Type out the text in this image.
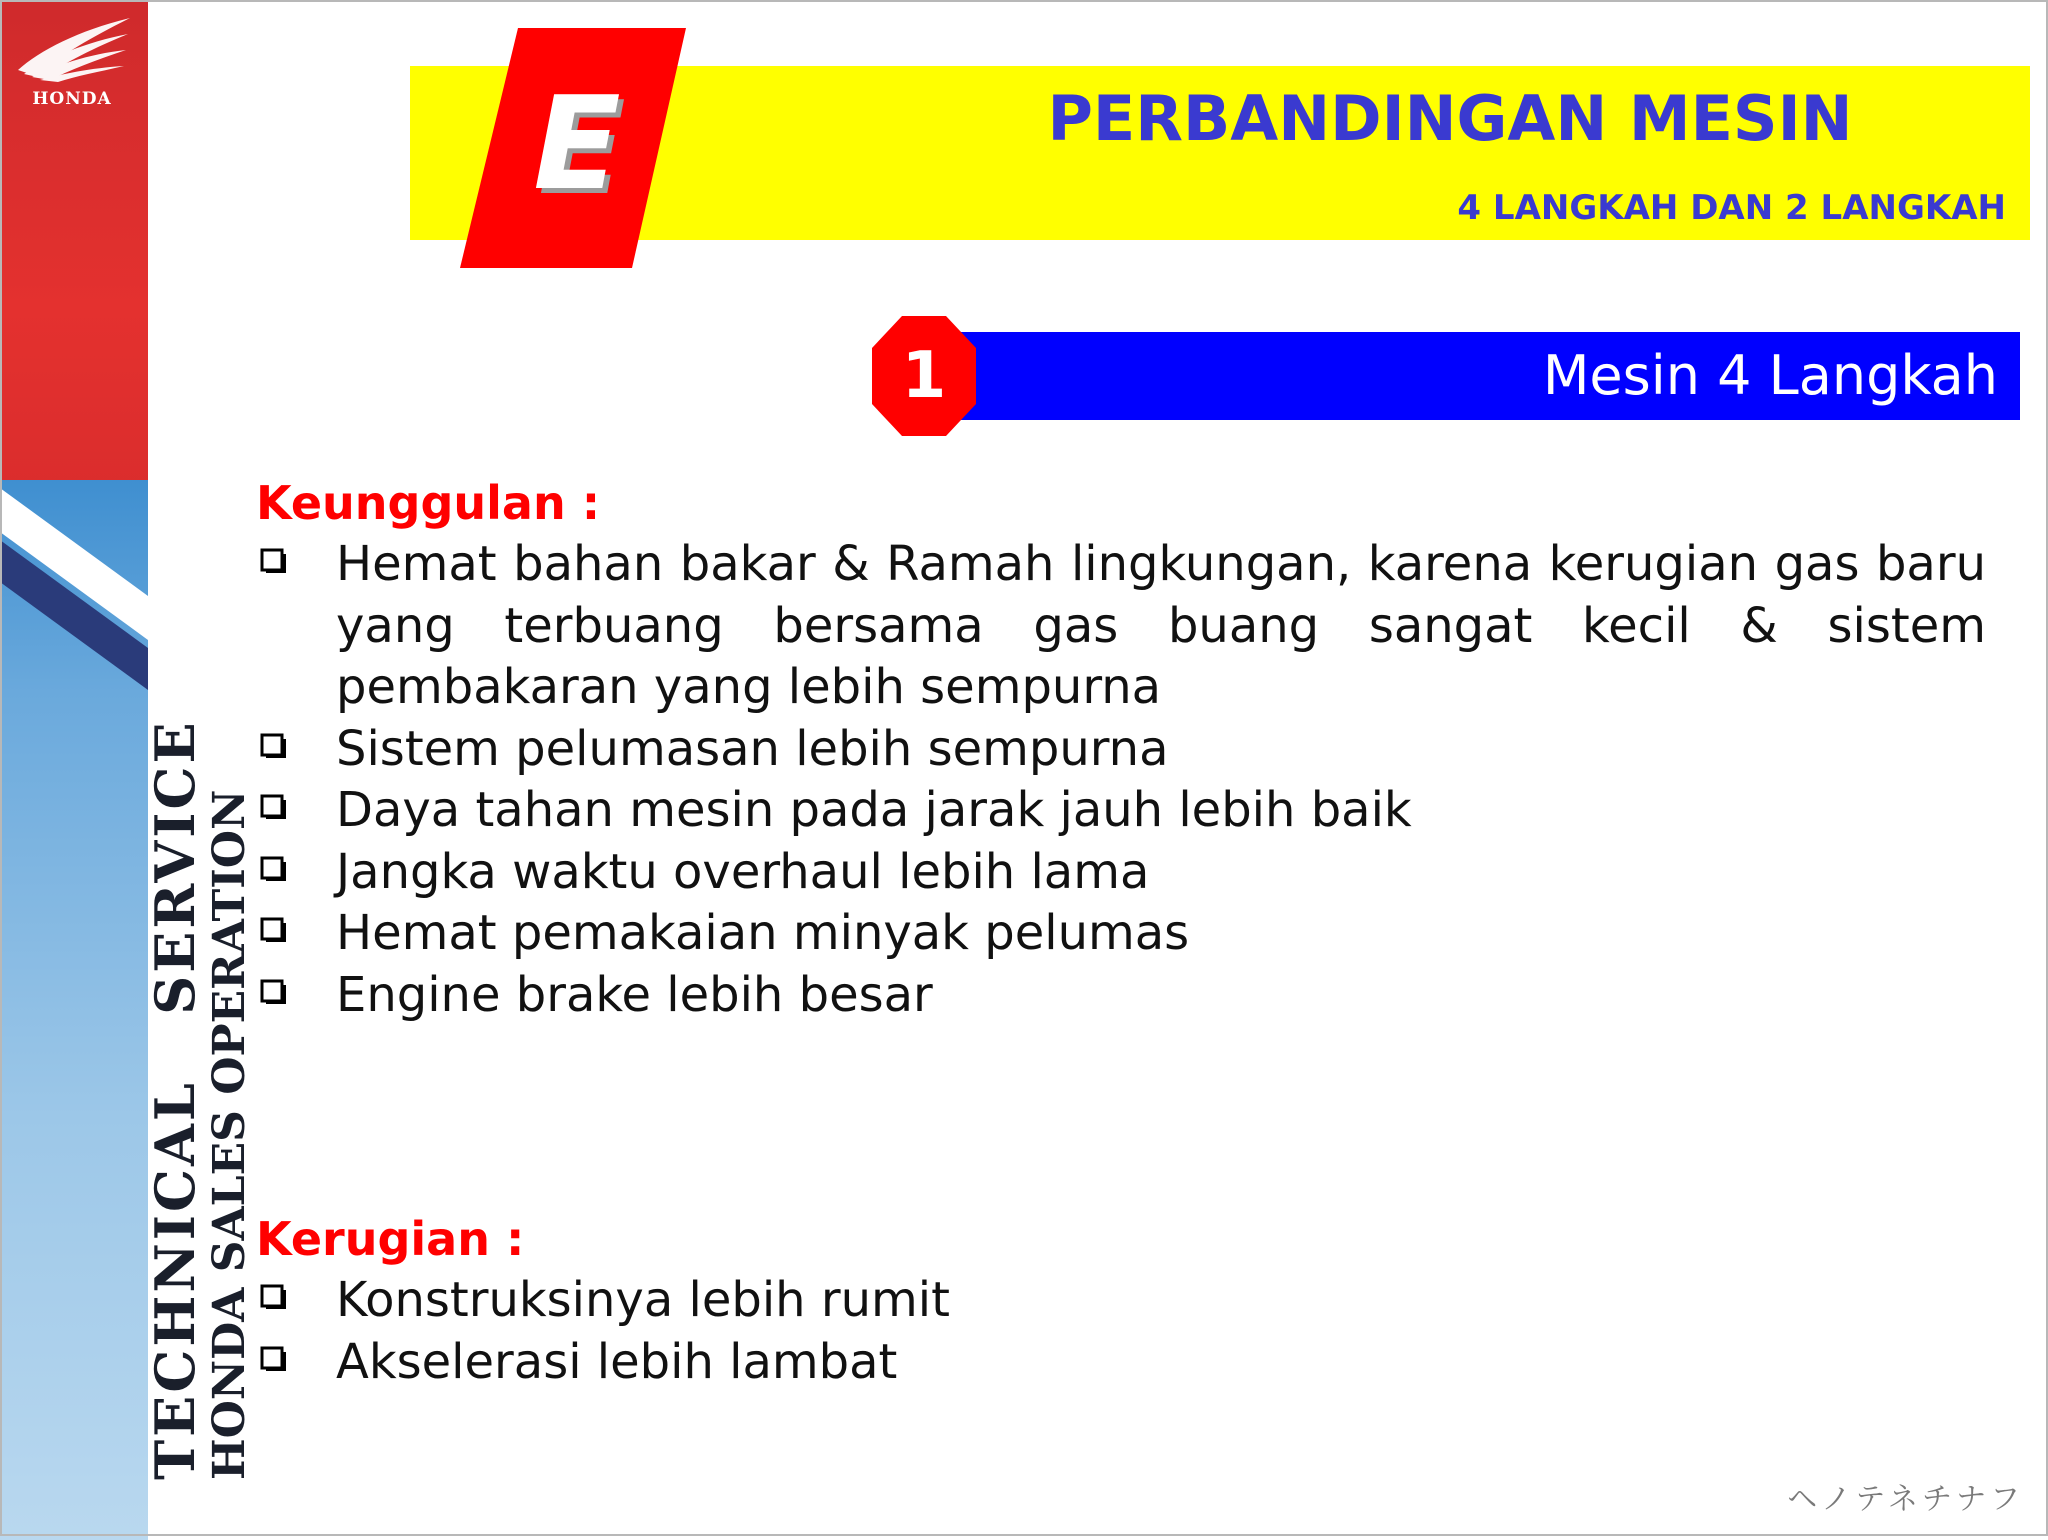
HONDA
TECHNICAL   SERVICE
HONDA SALES OPERATION
E	PERBANDINGAN MESIN
4 LANGKAH DAN 2 LANGKAH
Mesin 4 Langkah
1

Keunggulan :

Hemat bahan bakar & Ramah lingkungan, karena kerugian gas baru yang terbuang bersama gas buang sangat kecil & sistem pembakaran yang lebih sempurna
Sistem pelumasan lebih sempurna
Daya tahan mesin pada jarak jauh lebih baik
Jangka waktu overhaul lebih lama
Hemat pemakaian minyak pelumas
Engine brake lebih besar

Kerugian :

Konstruksinya lebih rumit
Akselerasi lebih lambat
ヘノテネチナフ
